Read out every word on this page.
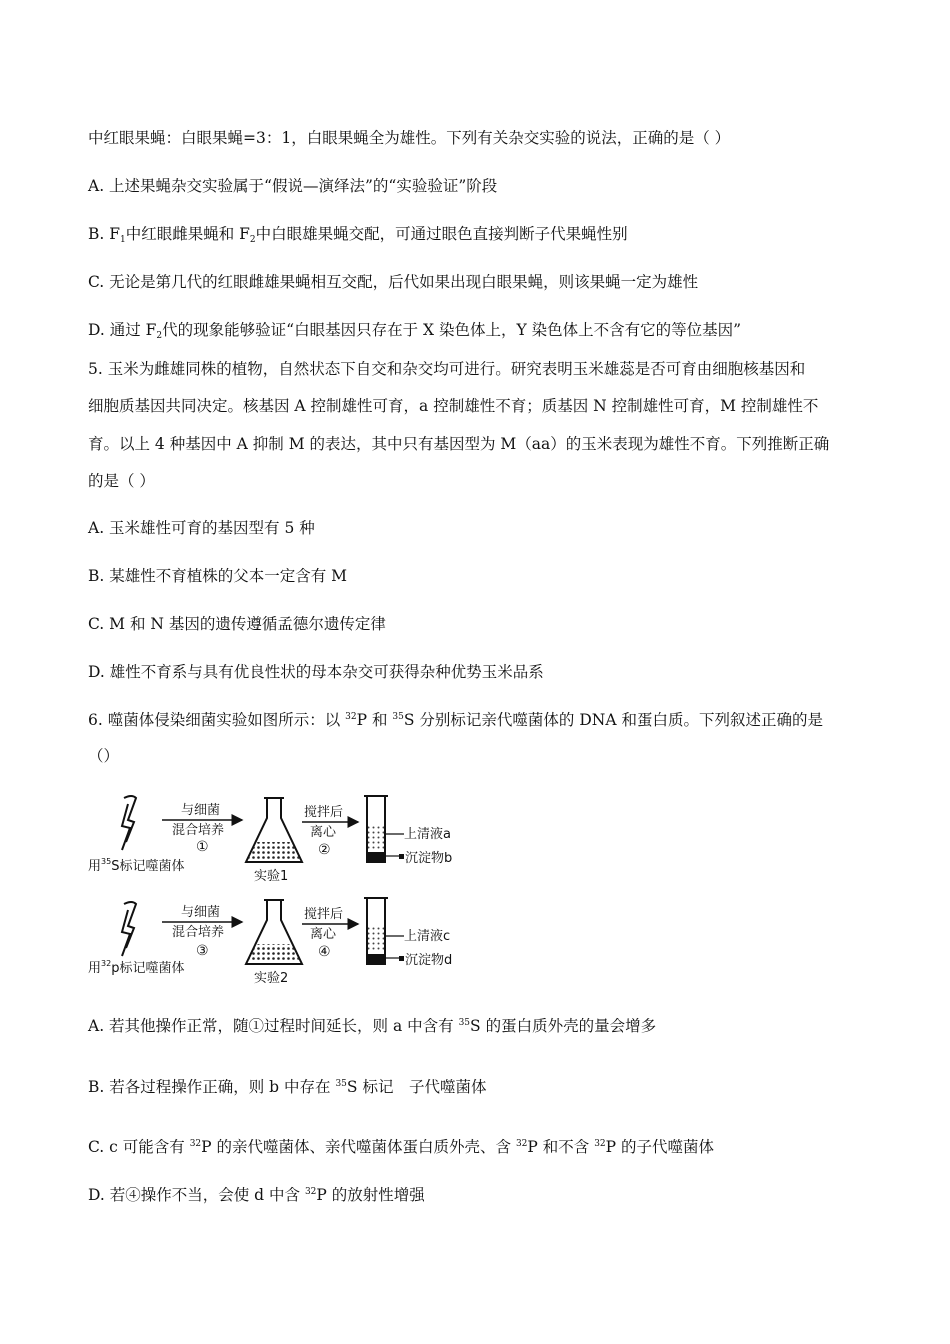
中红眼果蝇：白眼果蝇=3：1，白眼果蝇全为雄性。下列有关杂交实验的说法，正确的是（ ）
A. 上述果蝇杂交实验属于“假说—演绎法”的“实验验证”阶段
B. $F_1$中红眼雌果蝇和 $F_2$中白眼雄果蝇交配，可通过眼色直接判断子代果蝇性别
C. 无论是第几代的红眼雌雄果蝇相互交配，后代如果出现白眼果蝇，则该果蝇一定为雄性
D. 通过 $F_2$代的现象能够验证“白眼基因只存在于 X 染色体上，Y 染色体上不含有它的等位基因”
5. 玉米为雌雄同株的植物，自然状态下自交和杂交均可进行。研究表明玉米雄蕊是否可育由细胞核基因和
细胞质基因共同决定。核基因 A 控制雄性可育，a 控制雄性不育；质基因 N 控制雄性可育，M 控制雄性不
育。以上 4 种基因中 A 抑制 M 的表达，其中只有基因型为 M（aa）的玉米表现为雄性不育。下列推断正确
的是（ ）
A. 玉米雄性可育的基因型有 5 种
B. 某雄性不育植株的父本一定含有 M
C. M 和 N 基因的遗传遵循孟德尔遗传定律
D. 雄性不育系与具有优良性状的母本杂交可获得杂种优势玉米品系
6. 噬菌体侵染细菌实验如图所示：以 $^{32}$P 和 $^{35}$S 分别标记亲代噬菌体的 DNA 和蛋白质。下列叙述正确的是
（）
用$^{35}$S标记噬菌体
与细菌
混合培养
①
实验1
搅拌后
离心
②
上清液a
沉淀物b
用$^{32}$p标记噬菌体
与细菌
混合培养
③
实验2
搅拌后
离心
④
上清液c
沉淀物d
A. 若其他操作正常，随①过程时间延长，则 a 中含有 $^{35}$S 的蛋白质外壳的量会增多
B. 若各过程操作正确，则 b 中存在 $^{35}$S 标记　子代噬菌体
C. c 可能含有 $^{32}$P 的亲代噬菌体、亲代噬菌体蛋白质外壳、含 $^{32}$P 和不含 $^{32}$P 的子代噬菌体
D. 若④操作不当，会使 d 中含 $^{32}$P 的放射性增强
